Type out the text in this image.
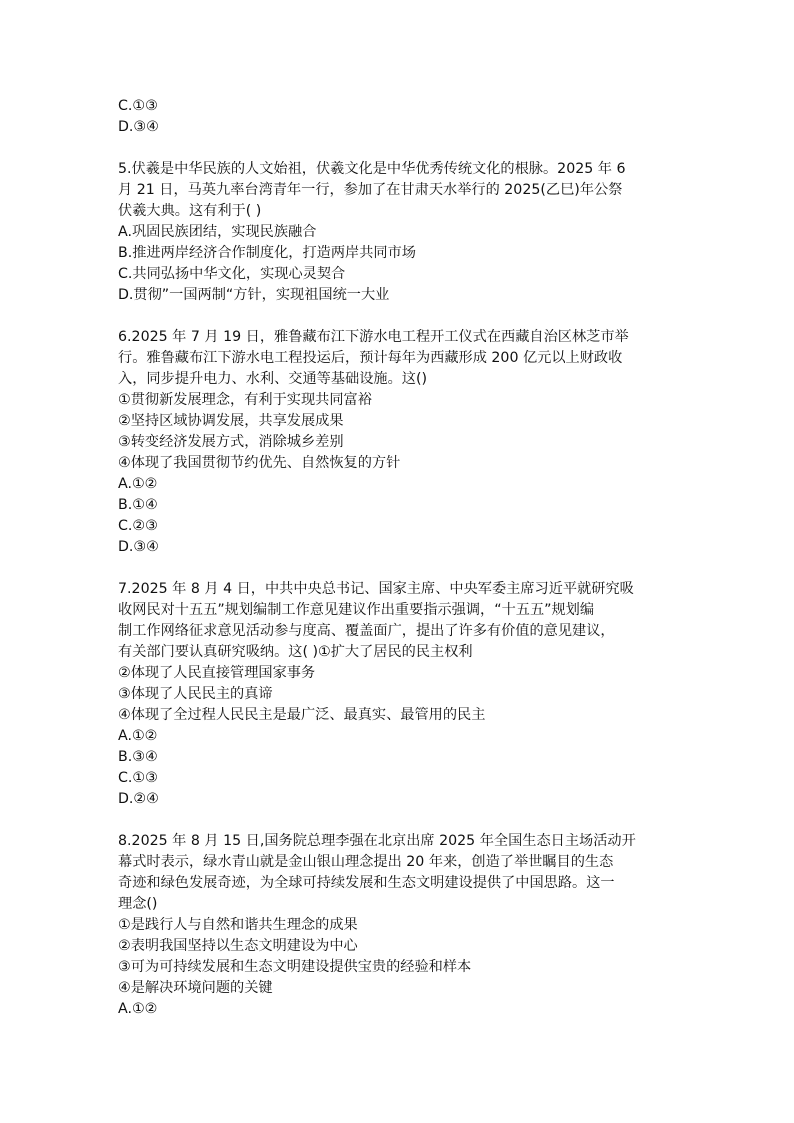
C.①③
D.③④
5.伏羲是中华民族的人文始祖，伏羲文化是中华优秀传统文化的根脉。2025 年 6
月 21 日，马英九率台湾青年一行，参加了在甘肃天水举行的 2025(乙巳)年公祭
伏羲大典。这有利于( )
A.巩固民族团结，实现民族融合
B.推进两岸经济合作制度化，打造两岸共同市场
C.共同弘扬中华文化，实现心灵契合
D.贯彻”一国两制“方针，实现祖国统一大业
6.2025 年 7 月 19 日，雅鲁藏布江下游水电工程开工仪式在西藏自治区林芝市举
行。雅鲁藏布江下游水电工程投运后，预计每年为西藏形成 200 亿元以上财政收
入，同步提升电力、水利、交通等基础设施。这()
①贯彻新发展理念，有利于实现共同富裕
②坚持区域协调发展，共享发展成果
③转变经济发展方式，消除城乡差别
④体现了我国贯彻节约优先、自然恢复的方针
A.①②
B.①④
C.②③
D.③④
7.2025 年 8 月 4 日，中共中央总书记、国家主席、中央军委主席习近平就研究吸
收网民对十五五”规划编制工作意见建议作出重要指示强调，“十五五”规划编
制工作网络征求意见活动参与度高、覆盖面广，提出了许多有价值的意见建议，
有关部门要认真研究吸纳。这( )①扩大了居民的民主权利
②体现了人民直接管理国家事务
③体现了人民民主的真谛
④体现了全过程人民民主是最广泛、最真实、最管用的民主
A.①②
B.③④
C.①③
D.②④
8.2025 年 8 月 15 日,国务院总理李强在北京出席 2025 年全国生态日主场活动开
幕式时表示，绿水青山就是金山银山理念提出 20 年来，创造了举世瞩目的生态
奇迹和绿色发展奇迹，为全球可持续发展和生态文明建设提供了中国思路。这一
理念()
①是践行人与自然和谐共生理念的成果
②表明我国坚持以生态文明建设为中心
③可为可持续发展和生态文明建设提供宝贵的经验和样本
④是解决环境问题的关键
A.①②
